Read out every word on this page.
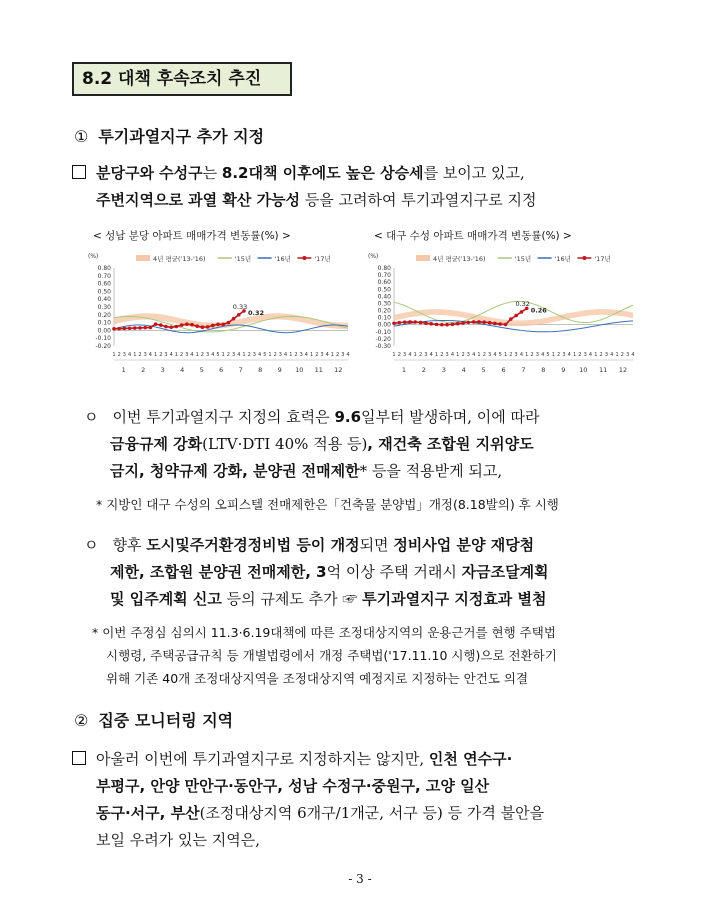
8.2 대책 후속조치 추진
① 투기과열지구 추가 지정
분당구와 수성구는 8.2대책 이후에도 높은 상승세를 보이고 있고,
주변지역으로 과열 확산 가능성 등을 고려하여 투기과열지구로 지정
< 성남 분당 아파트 매매가격 변동률(%) >
4년 평균('13-'16)	'15년	'16년	'17년
(%)
0.80
0.70
0.60
0.50
0.40
0.30
0.20
0.10
0.00
-0.10
-0.20
0.33
0.32
1 2 3 4 1 2 3 4 1 2 3 4 1 2 3 4 1 2 3 4 5 1 2 3 4 1 2 3 4 5 1 2 3 4 1 2 3 4 1 2 3 4 1 2 3 4
1 2 3 4 5 6 7 8 9 10 11 12
< 대구 수성 아파트 매매가격 변동률(%) >
4년 평균('13-'16)	'15년	'16년	'17년
(%)
0.80
0.70
0.60
0.50
0.40
0.30
0.20
0.10
0.00
-0.10
-0.20
-0.30
0.32
0.26
1 2 3 4 1 2 3 4 1 2 3 4 1 2 3 4 1 2 3 4 5 1 2 3 4 1 2 3 4 5 1 2 3 4 1 2 3 4 1 2 3 4 1 2 3 4
1 2 3 4 5 6 7 8 9 10 11 12
ㅇ 이번 투기과열지구 지정의 효력은 9.6일부터 발생하며, 이에 따라
금융규제 강화(LTV·DTI 40% 적용 등), 재건축 조합원 지위양도
금지, 청약규제 강화, 분양권 전매제한* 등을 적용받게 되고,
* 지방인 대구 수성의 오피스텔 전매제한은「건축물 분양법」개정(8.18발의) 후 시행
ㅇ 향후 도시및주거환경정비법 등이 개정되면 정비사업 분양 재당첨
제한, 조합원 분양권 전매제한, 3억 이상 주택 거래시 자금조달계획
및 입주계획 신고 등의 규제도 추가 ☞ 투기과열지구 지정효과 별첨
* 이번 주정심 심의시 11.3·6.19대책에 따른 조정대상지역의 운용근거를 현행 주택법
시행령, 주택공급규칙 등 개별법령에서 개정 주택법('17.11.10 시행)으로 전환하기
위해 기존 40개 조정대상지역을 조정대상지역 예정지로 지정하는 안건도 의결
② 집중 모니터링 지역
아울러 이번에 투기과열지구로 지정하지는 않지만, 인천 연수구·
부평구, 안양 만안구·동안구, 성남 수정구·중원구, 고양 일산
동구·서구, 부산(조정대상지역 6개구/1개군, 서구 등) 등 가격 불안을
보일 우려가 있는 지역은,
- 3 -
